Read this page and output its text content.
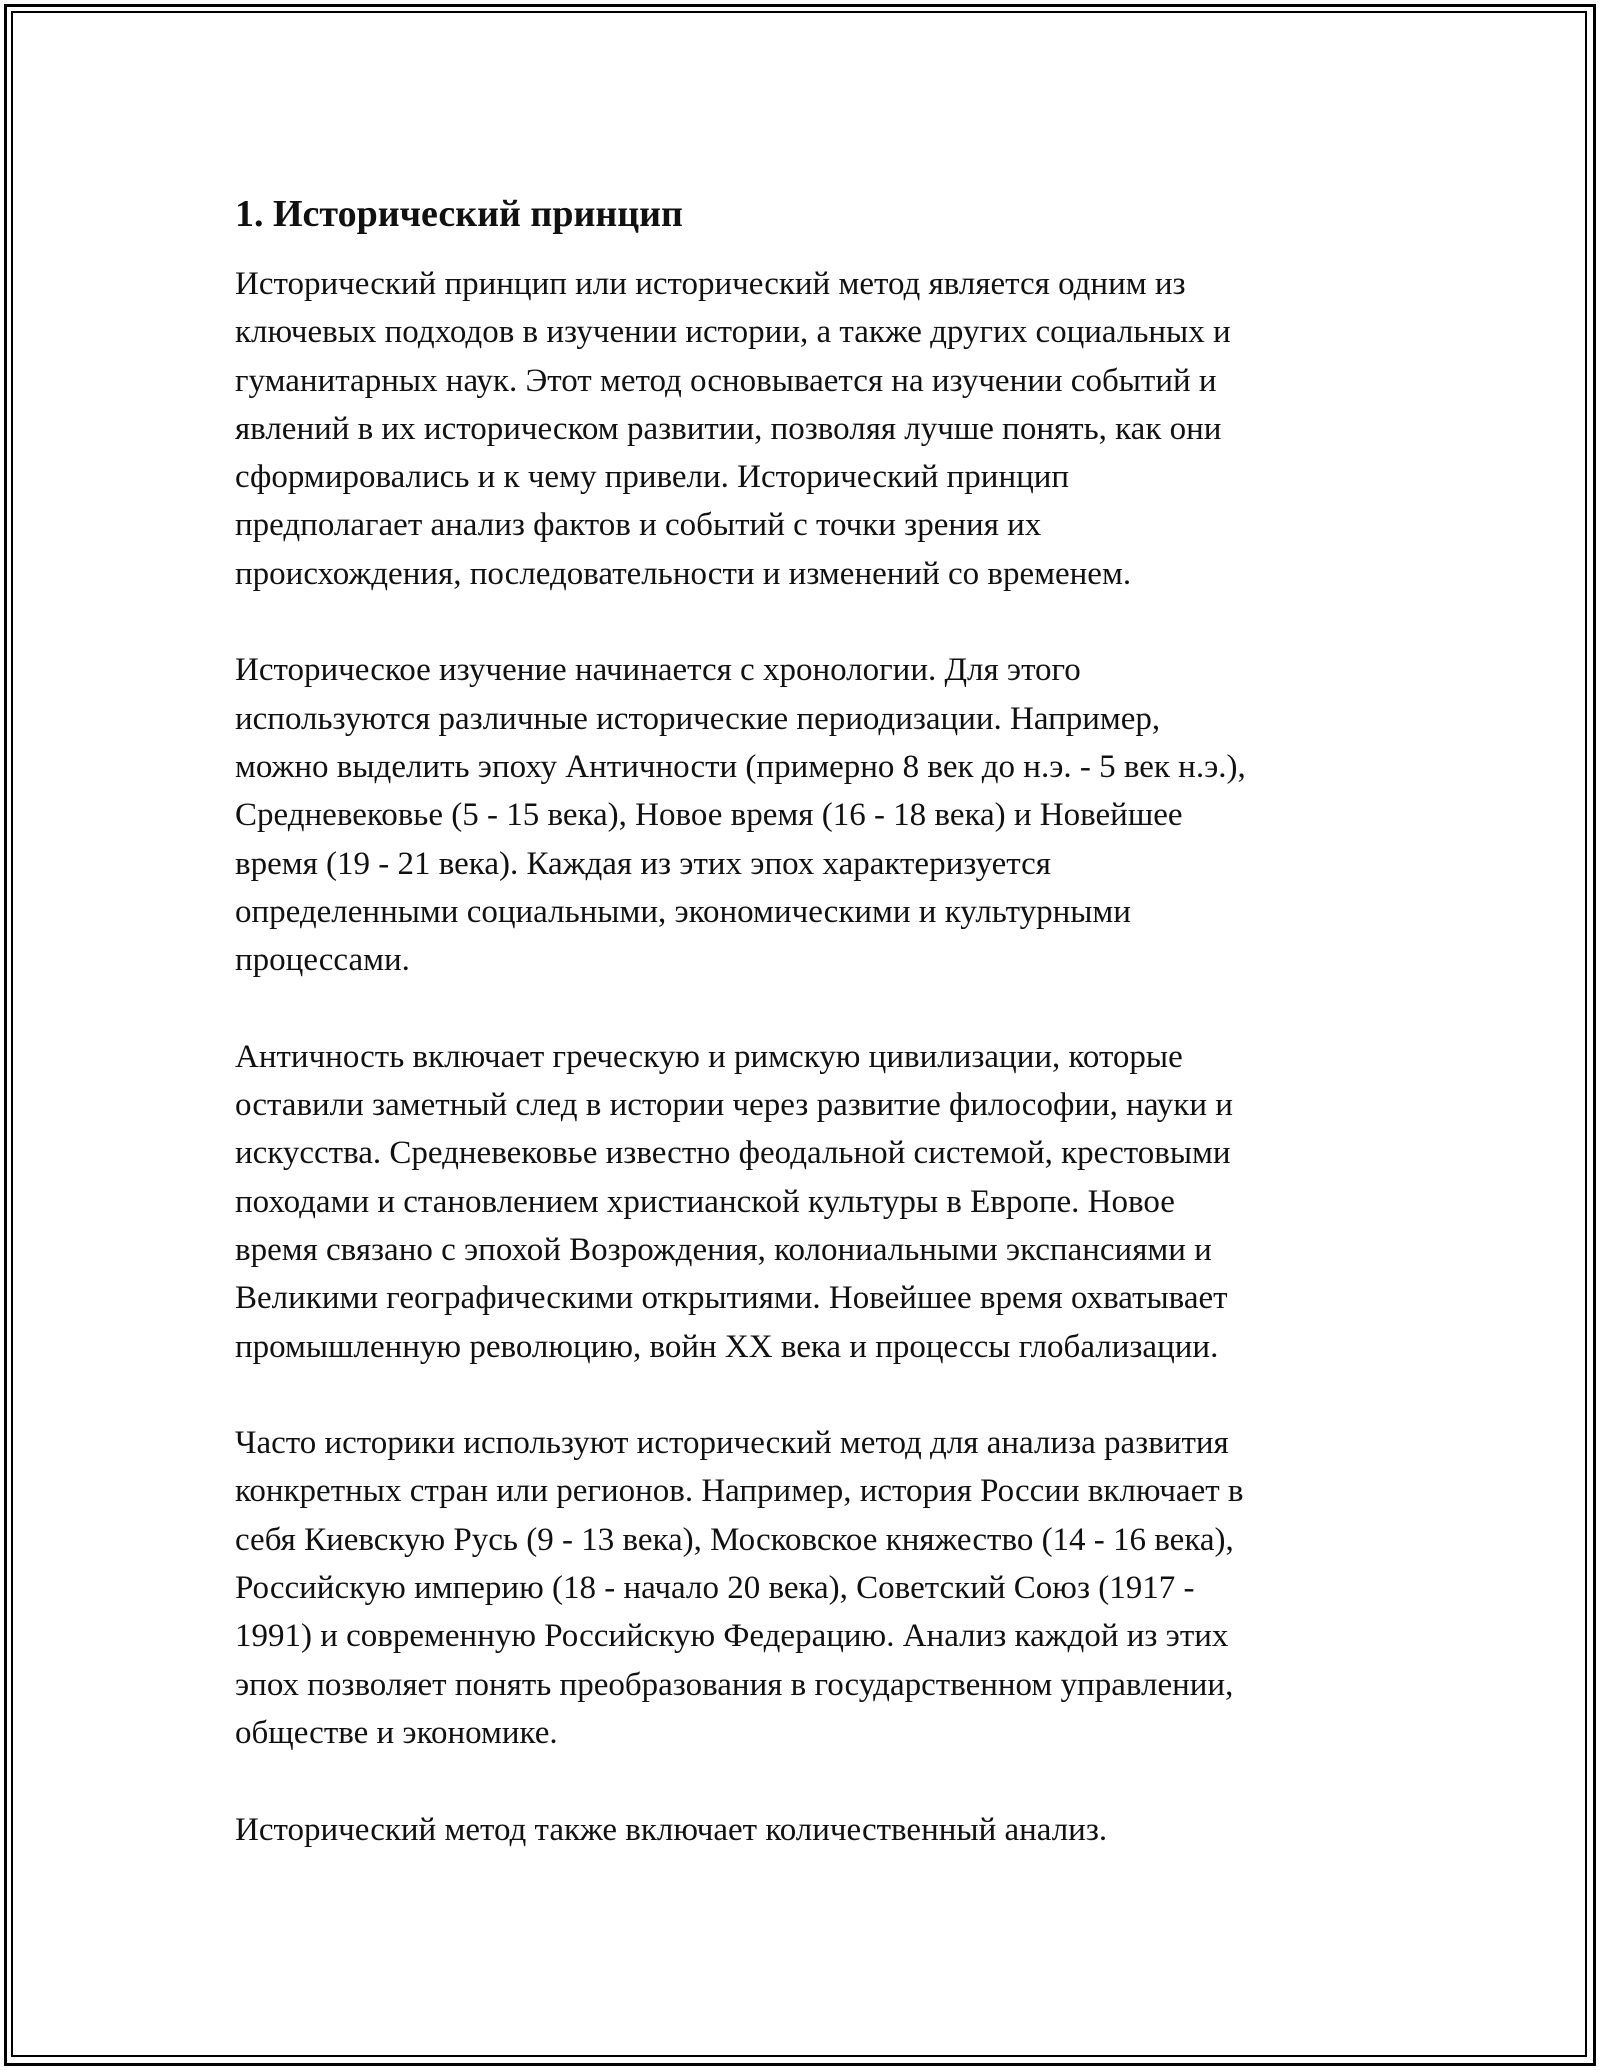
1. Исторический принцип
Исторический принцип или исторический метод является одним из
ключевых подходов в изучении истории, а также других социальных и
гуманитарных наук. Этот метод основывается на изучении событий и
явлений в их историческом развитии, позволяя лучше понять, как они
сформировались и к чему привели. Исторический принцип
предполагает анализ фактов и событий с точки зрения их
происхождения, последовательности и изменений со временем.
Историческое изучение начинается с хронологии. Для этого
используются различные исторические периодизации. Например,
можно выделить эпоху Античности (примерно 8 век до н.э. - 5 век н.э.),
Средневековье (5 - 15 века), Новое время (16 - 18 века) и Новейшее
время (19 - 21 века). Каждая из этих эпох характеризуется
определенными социальными, экономическими и культурными
процессами.
Античность включает греческую и римскую цивилизации, которые
оставили заметный след в истории через развитие философии, науки и
искусства. Средневековье известно феодальной системой, крестовыми
походами и становлением христианской культуры в Европе. Новое
время связано с эпохой Возрождения, колониальными экспансиями и
Великими географическими открытиями. Новейшее время охватывает
промышленную революцию, войн XX века и процессы глобализации.
Часто историки используют исторический метод для анализа развития
конкретных стран или регионов. Например, история России включает в
себя Киевскую Русь (9 - 13 века), Московское княжество (14 - 16 века),
Российскую империю (18 - начало 20 века), Советский Союз (1917 -
1991) и современную Российскую Федерацию. Анализ каждой из этих
эпох позволяет понять преобразования в государственном управлении,
обществе и экономике.
Исторический метод также включает количественный анализ.
